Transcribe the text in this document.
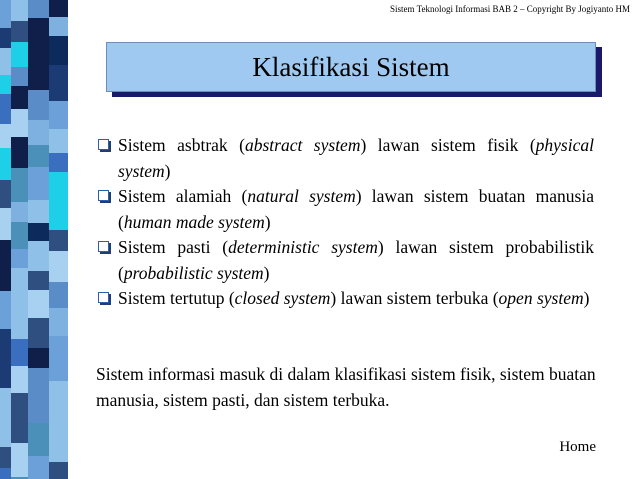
Sistem Teknologi Informasi BAB 2 – Copyright By Jogiyanto HM
Klasifikasi Sistem
Sistem asbtrak (abstract system) lawan sistem fisik (physical system)
Sistem alamiah (natural system) lawan sistem buatan manusia (human made system)
Sistem pasti (deterministic system) lawan sistem probabilistik (probabilistic system)
Sistem tertutup (closed system) lawan sistem terbuka (open system)
Sistem informasi masuk di dalam klasifikasi sistem fisik, sistem buatan manusia, sistem pasti, dan sistem terbuka.
Home
